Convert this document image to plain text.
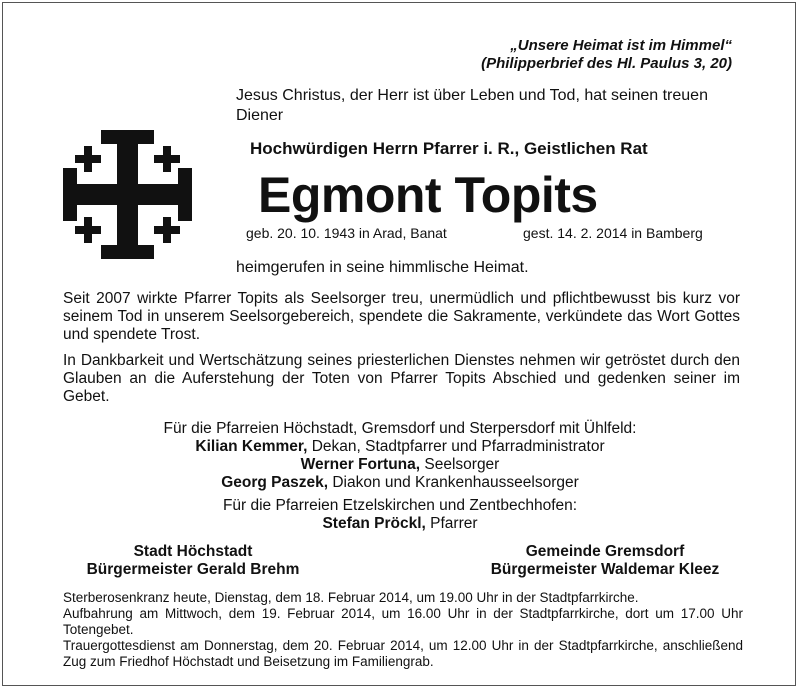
„Unsere Heimat ist im Himmel“
(Philipperbrief des Hl. Paulus 3, 20)
Jesus Christus, der Herr ist über Leben und Tod, hat seinen treuen Diener
Hochwürdigen Herrn Pfarrer i. R., Geistlichen Rat
Egmont Topits
geb. 20. 10. 1943 in Arad, Banat	gest. 14. 2. 2014 in Bamberg
heimgerufen in seine himmlische Heimat.
Seit 2007 wirkte Pfarrer Topits als Seelsorger treu, unermüdlich und pflichtbewusst bis kurz vor seinem Tod in unserem Seelsorgebereich, spendete die Sakramente, verkündete das Wort Gottes und spendete Trost.
In Dankbarkeit und Wertschätzung seines priesterlichen Dienstes nehmen wir getröstet durch den Glauben an die Auferstehung der Toten von Pfarrer Topits Abschied und gedenken seiner im Gebet.
Für die Pfarreien Höchstadt, Gremsdorf und Sterpersdorf mit Ühlfeld:
Kilian Kemmer, Dekan, Stadtpfarrer und Pfarradministrator
Werner Fortuna, Seelsorger
Georg Paszek, Diakon und Krankenhausseelsorger
Für die Pfarreien Etzelskirchen und Zentbechhofen:
Stefan Pröckl, Pfarrer
Stadt Höchstadt
Bürgermeister Gerald Brehm
Gemeinde Gremsdorf
Bürgermeister Waldemar Kleez
Sterberosenkranz heute, Dienstag, dem 18. Februar 2014, um 19.00 Uhr in der Stadtpfarrkirche.
Aufbahrung am Mittwoch, dem 19. Februar 2014, um 16.00 Uhr in der Stadtpfarrkirche, dort um 17.00 Uhr Totengebet.
Trauergottesdienst am Donnerstag, dem 20. Februar 2014, um 12.00 Uhr in der Stadtpfarrkirche, anschließend Zug zum Friedhof Höchstadt und Beisetzung im Familiengrab.
